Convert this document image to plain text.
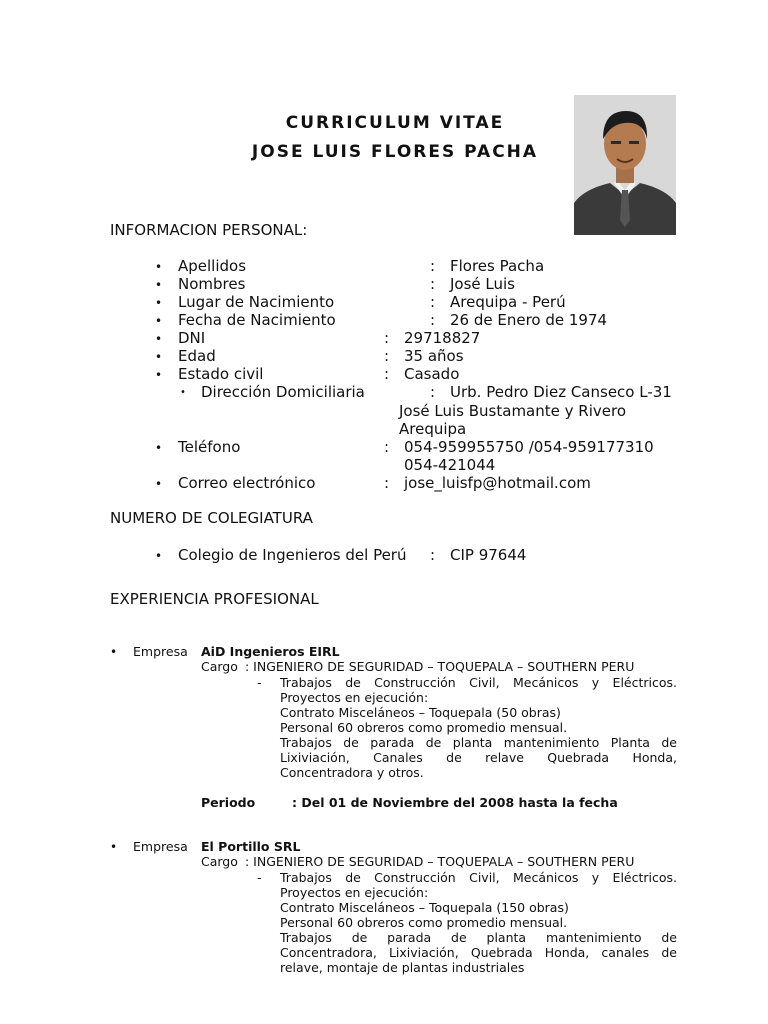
CURRICULUM VITAE
JOSE LUIS FLORES PACHA
INFORMACION PERSONAL:
• Apellidos	: Flores Pacha
• Nombres	: José Luis
• Lugar de Nacimiento	: Arequipa - Perú
• Fecha de Nacimiento	: 26 de Enero de 1974
• DNI	: 29718827
• Edad	: 35 años
• Estado civil	: Casado
• Dirección Domiciliaria	: Urb. Pedro Diez Canseco L-31
José Luis Bustamante y Rivero
Arequipa
• Teléfono	: 054-959955750 /054-959177310
054-421044
• Correo electrónico	: jose_luisfp@hotmail.com
NUMERO DE COLEGIATURA
• Colegio de Ingenieros del Perú : CIP 97644
EXPERIENCIA PROFESIONAL
• Empresa AiD Ingenieros EIRL
Cargo : INGENIERO DE SEGURIDAD – TOQUEPALA – SOUTHERN PERU
- Trabajos de Construcción Civil, Mecánicos y Eléctricos.
Proyectos en ejecución:
Contrato Misceláneos – Toquepala (50 obras)
Personal 60 obreros como promedio mensual.
Trabajos de parada de planta mantenimiento Planta de
Lixiviación, Canales de relave Quebrada Honda,
Concentradora y otros.
Periodo	: Del 01 de Noviembre del 2008 hasta la fecha
• Empresa El Portillo SRL
Cargo : INGENIERO DE SEGURIDAD – TOQUEPALA – SOUTHERN PERU
- Trabajos de Construcción Civil, Mecánicos y Eléctricos.
Proyectos en ejecución:
Contrato Misceláneos – Toquepala (150 obras)
Personal 60 obreros como promedio mensual.
Trabajos de parada de planta mantenimiento de
Concentradora, Lixiviación, Quebrada Honda, canales de
relave, montaje de plantas industriales
